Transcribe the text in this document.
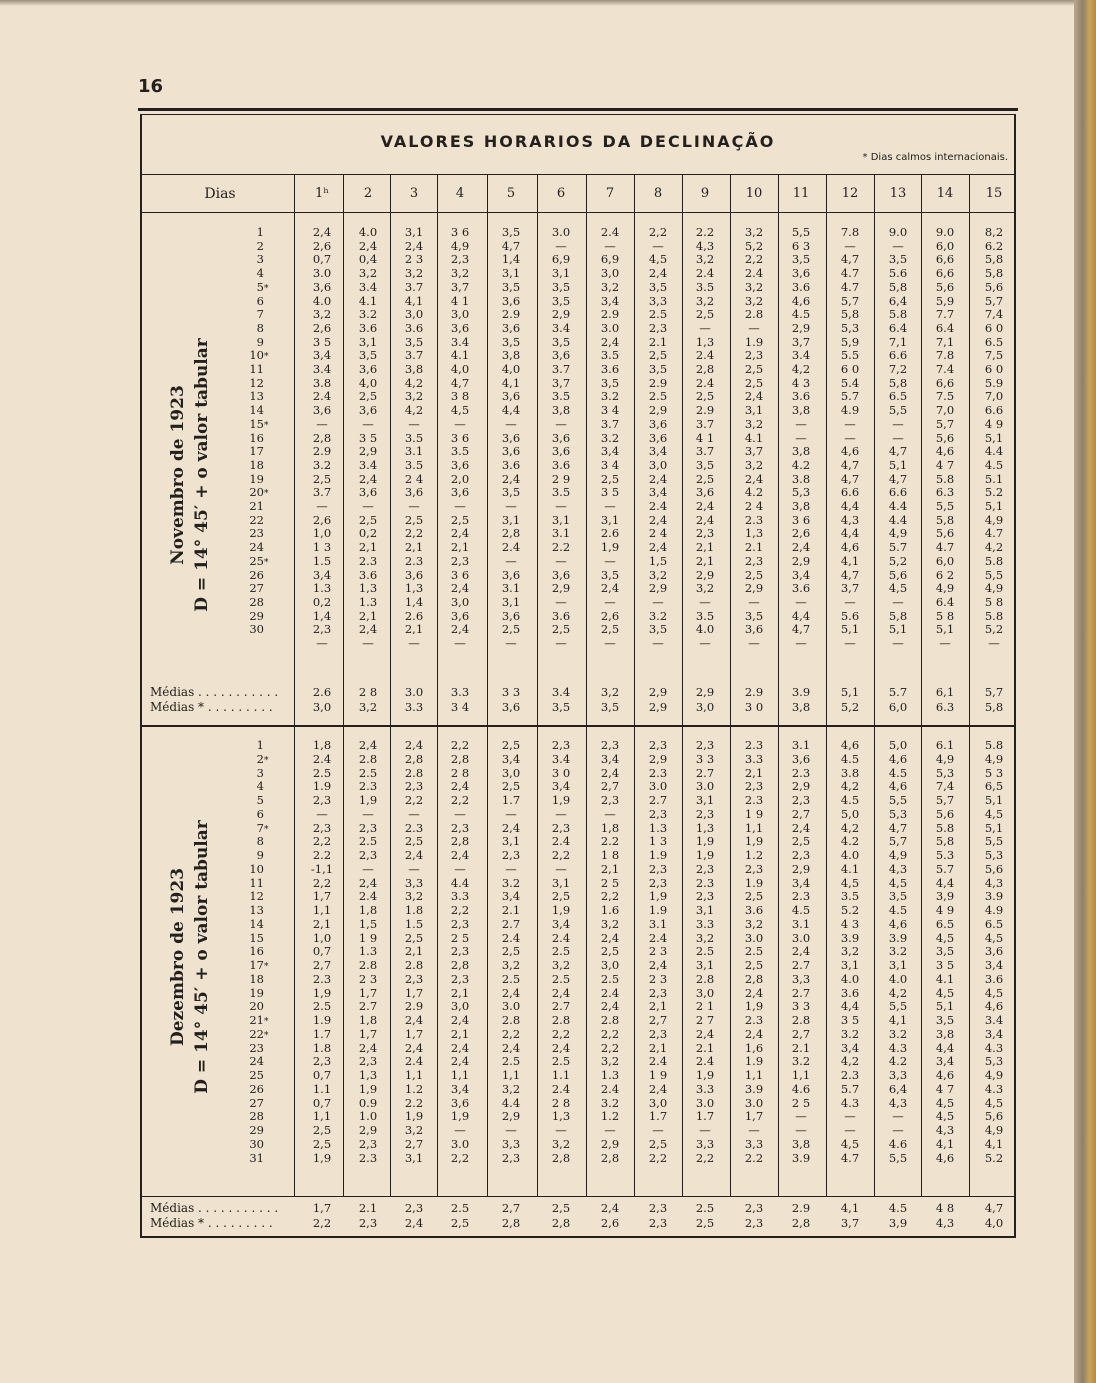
16
VALORES HORARIOS DA DECLINAÇÃO
* Dias calmos internacionais.
Dias	1ʰ	2	3	4	5	6	7	8	9	10	11	12	13	14	15
Novembro de 1923 D = 14° 45′ + o valor tabular
Dezembro de 1923 D = 14° 45′ + o valor tabular
1	2,4	4.0	3,1	3 6	3,5	3.0	2.4	2,2	2.2	3,2	5,5	7.8	9.0	9.0	8,2
2	2,6	2,4	2,4	4,9	4,7	—	—	—	4,3	5,2	6 3	—	—	6,0	6.2
3	0,7	0,4	2 3	2,3	1,4	6,9	6,9	4,5	3,2	2,2	3,5	4,7	3,5	6,6	5,8
4	3.0	3,2	3,2	3,2	3,1	3,1	3,0	2,4	2.4	2.4	3,6	4.7	5.6	6,6	5,8
5*	3,6	3.4	3.7	3,7	3,5	3,5	3,2	3,5	3.5	3,2	3.6	4.7	5,8	5,6	5,6
6	4.0	4.1	4,1	4 1	3,6	3,5	3,4	3,3	3,2	3,2	4,6	5,7	6,4	5,9	5,7
7	3,2	3.2	3,0	3,0	2.9	2,9	2.9	2.5	2,5	2.8	4.5	5,8	5.8	7.7	7,4
8	2,6	3.6	3.6	3,6	3,6	3.4	3.0	2,3	—	—	2,9	5,3	6.4	6.4	6 0
9	3 5	3,1	3,5	3.4	3,5	3,5	2,4	2.1	1,3	1.9	3,7	5,9	7,1	7,1	6.5
10*	3,4	3,5	3.7	4.1	3,8	3,6	3.5	2,5	2.4	2,3	3.4	5.5	6.6	7.8	7,5
11	3.4	3,6	3,8	4,0	4,0	3.7	3.6	3,5	2,8	2,5	4,2	6 0	7,2	7.4	6 0
12	3.8	4,0	4,2	4,7	4,1	3,7	3,5	2.9	2.4	2,5	4 3	5.4	5,8	6,6	5.9
13	2.4	2,5	3,2	3 8	3,6	3.5	3.2	2.5	2,5	2,4	3.6	5.7	6.5	7.5	7,0
14	3,6	3,6	4,2	4,5	4,4	3,8	3 4	2,9	2.9	3,1	3,8	4.9	5,5	7,0	6.6
15*	—	—	—	—	—	—	3.7	3,6	3.7	3,2	—	—	—	5,7	4 9
16	2,8	3 5	3.5	3 6	3,6	3,6	3.2	3,6	4 1	4.1	—	—	—	5,6	5,1
17	2.9	2,9	3.1	3.5	3,6	3,6	3,4	3,4	3.7	3,7	3,8	4,6	4,7	4,6	4.4
18	3.2	3.4	3.5	3,6	3.6	3.6	3 4	3,0	3,5	3,2	4.2	4,7	5,1	4 7	4.5
19	2,5	2,4	2 4	2,0	2,4	2 9	2,5	2,4	2,5	2,4	3.8	4,7	4,7	5.8	5.1
20*	3.7	3,6	3,6	3,6	3,5	3.5	3 5	3,4	3,6	4.2	5,3	6.6	6.6	6.3	5.2
21	—	—	—	—	—	—	—	2.4	2,4	2 4	3,8	4,4	4.4	5,5	5,1
22	2,6	2,5	2,5	2,5	3,1	3,1	3,1	2,4	2,4	2.3	3 6	4,3	4.4	5,8	4,9
23	1,0	0,2	2,2	2,4	2,8	3.1	2.6	2 4	2,3	1,3	2,6	4,4	4,9	5,6	4.7
24	1 3	2,1	2,1	2,1	2.4	2.2	1,9	2,4	2,1	2.1	2,4	4,6	5.7	4.7	4,2
25*	1.5	2.3	2.3	2,3	—	—	—	1,5	2,1	2,3	2,9	4,1	5,2	6,0	5.8
26	3,4	3.6	3,6	3 6	3,6	3,6	3,5	3,2	2,9	2,5	3,4	4,7	5,6	6 2	5,5
27	1.3	1,3	1,3	2,4	3.1	2,9	2,4	2,9	3,2	2,9	3.6	3,7	4,5	4,9	4,9
28	0,2	1.3	1,4	3,0	3,1	—	—	—	—	—	—	—	—	6.4	5 8
29	1,4	2,1	2.6	3,6	3,6	3.6	2,6	3.2	3.5	3,5	4,4	5.6	5,8	5 8	5.8
30	2,3	2,4	2,1	2,4	2,5	2,5	2,5	3,5	4.0	3,6	4,7	5,1	5,1	5,1	5,2
—	—	—	—	—	—	—	—	—	—	—	—	—	—	—
Médias . . . . . . . . . . .	2.6	2 8	3.0	3.3	3 3	3.4	3,2	2,9	2,9	2.9	3.9	5,1	5.7	6,1	5,7
Médias * . . . . . . . . .	3,0	3,2	3.3	3 4	3,6	3,5	3,5	2,9	3,0	3 0	3,8	5,2	6,0	6.3	5,8
1	1,8	2,4	2,4	2,2	2,5	2,3	2,3	2,3	2,3	2.3	3.1	4,6	5,0	6.1	5.8
2*	2.4	2.8	2,8	2,8	3,4	3.4	3,4	2,9	3 3	3.3	3,6	4.5	4,6	4,9	4,9
3	2.5	2.5	2.8	2 8	3,0	3 0	2,4	2.3	2.7	2,1	2.3	3.8	4.5	5,3	5 3
4	1.9	2.3	2,3	2,4	2,5	3,4	2,7	3.0	3.0	2,3	2,9	4,2	4,6	7,4	6,5
5	2,3	1,9	2,2	2,2	1.7	1,9	2,3	2.7	3,1	2.3	2,3	4.5	5,5	5,7	5,1
6	—	—	—	—	—	—	—	2,3	2,3	1 9	2,7	5,0	5,3	5,6	4,5
7*	2,3	2,3	2.3	2,3	2,4	2,3	1,8	1.3	1,3	1,1	2,4	4,2	4,7	5.8	5,1
8	2,2	2.5	2,5	2,8	3,1	2.4	2.2	1 3	1,9	1,9	2,5	4.2	5,7	5,8	5,5
9	2.2	2,3	2,4	2,4	2,3	2,2	1 8	1.9	1,9	1.2	2,3	4.0	4,9	5.3	5,3
10	-1,1	—	—	—	—	—	2,1	2,3	2,3	2,3	2,9	4.1	4,3	5.7	5,6
11	2,2	2,4	3,3	4.4	3.2	3,1	2 5	2,3	2.3	1.9	3,4	4,5	4,5	4,4	4,3
12	1,7	2.4	3,2	3.3	3,4	2,5	2,2	1,9	2,3	2,5	2.3	3.5	3,5	3,9	3.9
13	1,1	1,8	1.8	2,2	2.1	1,9	1.6	1.9	3,1	3.6	4.5	5.2	4.5	4 9	4.9
14	2,1	1,5	1.5	2,3	2.7	3,4	3,2	3.1	3.3	3,2	3.1	4 3	4,6	6.5	6.5
15	1,0	1 9	2,5	2 5	2.4	2.4	2,4	2.4	3,2	3.0	3.0	3.9	3.9	4,5	4,5
16	0,7	1.3	2,1	2,3	2,5	2.5	2,5	2 3	2.5	2.5	2,4	3,2	3.2	3,5	3,6
17*	2,7	2.8	2.8	2,8	3,2	3,2	3,0	2,4	3,1	2,5	2.7	3,1	3,1	3 5	3,4
18	2.3	2 3	2,3	2,3	2.5	2.5	2.5	2 3	2.8	2,8	3,3	4.0	4.0	4.1	3.6
19	1,9	1,7	1,7	2,1	2,4	2,4	2.4	2,3	3,0	2,4	2.7	3.6	4,2	4,5	4,5
20	2.5	2.7	2.9	3,0	3.0	2.7	2,4	2,1	2 1	1,9	3 3	4,4	5,5	5,1	4,6
21*	1.9	1,8	2,4	2,4	2.8	2.8	2.8	2,7	2 7	2.3	2.8	3 5	4,1	3,5	3.4
22*	1.7	1,7	1,7	2,1	2,2	2,2	2,2	2,3	2,4	2,4	2,7	3.2	3.2	3,8	3,4
23	1.8	2,4	2,4	2,4	2,4	2,4	2,2	2,1	2.1	1,6	2.1	3,4	4.3	4,4	4.3
24	2,3	2,3	2.4	2,4	2.5	2.5	3,2	2.4	2.4	1.9	3.2	4,2	4.2	3,4	5,3
25	0,7	1,3	1,1	1,1	1,1	1.1	1.3	1 9	1,9	1,1	1,1	2.3	3,3	4,6	4,9
26	1.1	1,9	1.2	3,4	3,2	2.4	2.4	2,4	3.3	3.9	4.6	5.7	6,4	4 7	4.3
27	0,7	0.9	2.2	3,6	4.4	2 8	3.2	3,0	3.0	3.0	2 5	4.3	4,3	4,5	4,5
28	1,1	1.0	1,9	1,9	2,9	1,3	1.2	1.7	1.7	1,7	—	—	—	4,5	5,6
29	2,5	2,9	3,2	—	—	—	—	—	—	—	—	—	—	4,3	4,9
30	2,5	2,3	2,7	3.0	3,3	3,2	2,9	2,5	3,3	3,3	3,8	4,5	4.6	4,1	4,1
31	1,9	2.3	3,1	2,2	2,3	2,8	2,8	2,2	2,2	2.2	3.9	4.7	5,5	4,6	5.2
Médias . . . . . . . . . . .	1,7	2.1	2,3	2.5	2,7	2,5	2,4	2,3	2.5	2,3	2.9	4,1	4.5	4 8	4,7
Médias * . . . . . . . . .	2,2	2,3	2,4	2,5	2,8	2,8	2,6	2,3	2,5	2,3	2,8	3,7	3,9	4,3	4,0
